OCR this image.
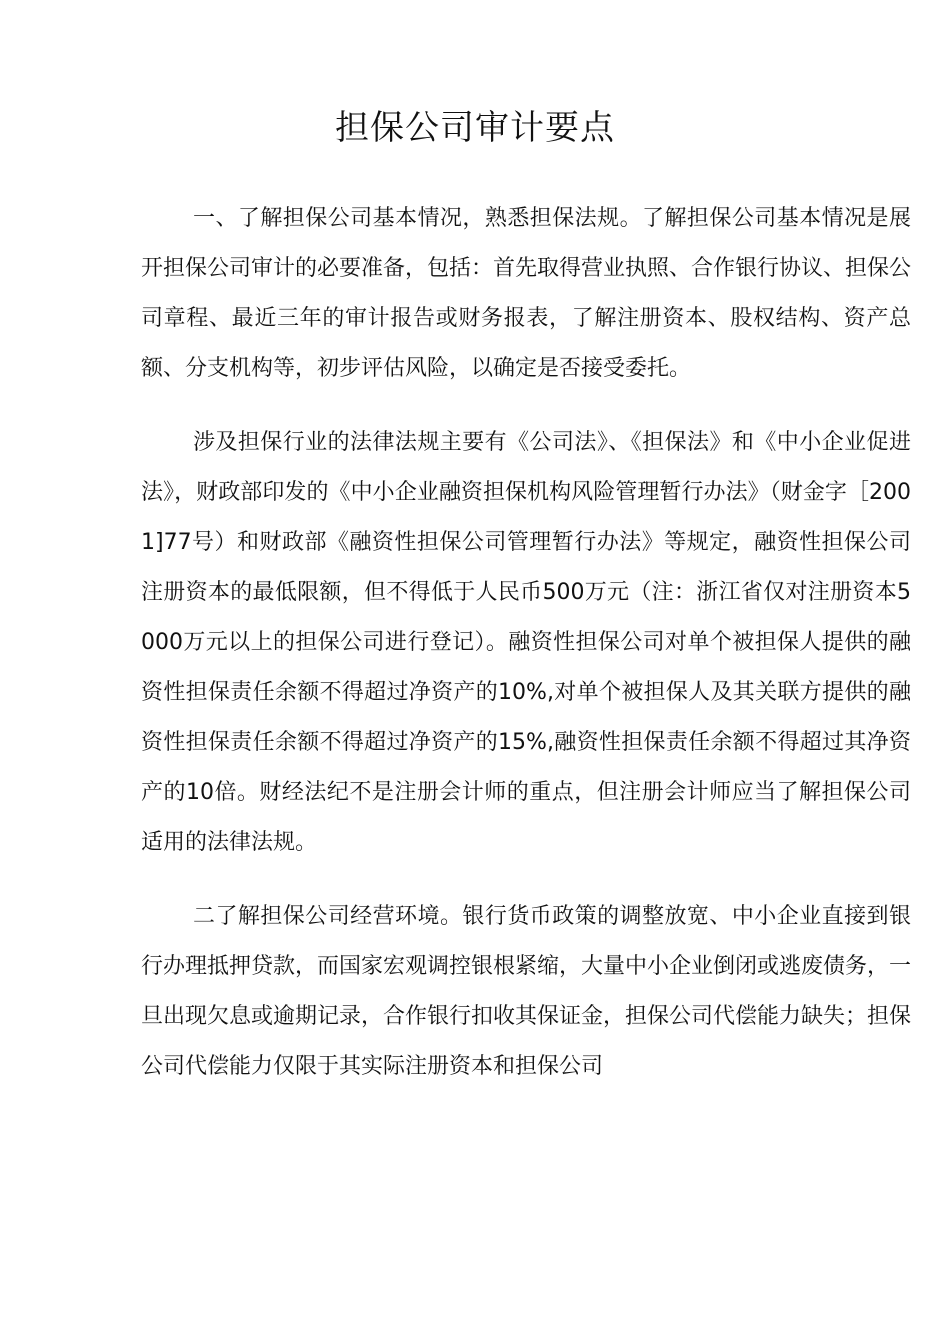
担保公司审计要点

一、了解担保公司基本情况，熟悉担保法规。了解担保公司基本情况是展开担保公司审计的必要准备，包括：首先取得营业执照、合作银行协议、担保公司章程、最近三年的审计报告或财务报表，了解注册资本、股权结构、资产总额、分支机构等，初步评估风险，以确定是否接受委托。

涉及担保行业的法律法规主要有《公司法》、《担保法》和《中小企业促进法》，财政部印发的《中小企业融资担保机构风险管理暂行办法》（财金字［2001]77号）和财政部《融资性担保公司管理暂行办法》等规定，融资性担保公司注册资本的最低限额，但不得低于人民币500万元（注：浙江省仅对注册资本5000万元以上的担保公司进行登记）。融资性担保公司对单个被担保人提供的融资性担保责任余额不得超过净资产的10%,对单个被担保人及其关联方提供的融资性担保责任余额不得超过净资产的15%,融资性担保责任余额不得超过其净资产的10倍。财经法纪不是注册会计师的重点，但注册会计师应当了解担保公司适用的法律法规。

二了解担保公司经营环境。银行货币政策的调整放宽、中小企业直接到银行办理抵押贷款，而国家宏观调控银根紧缩，大量中小企业倒闭或逃废债务，一旦出现欠息或逾期记录，合作银行扣收其保证金，担保公司代偿能力缺失；担保公司代偿能力仅限于其实际注册资本和担保公司
